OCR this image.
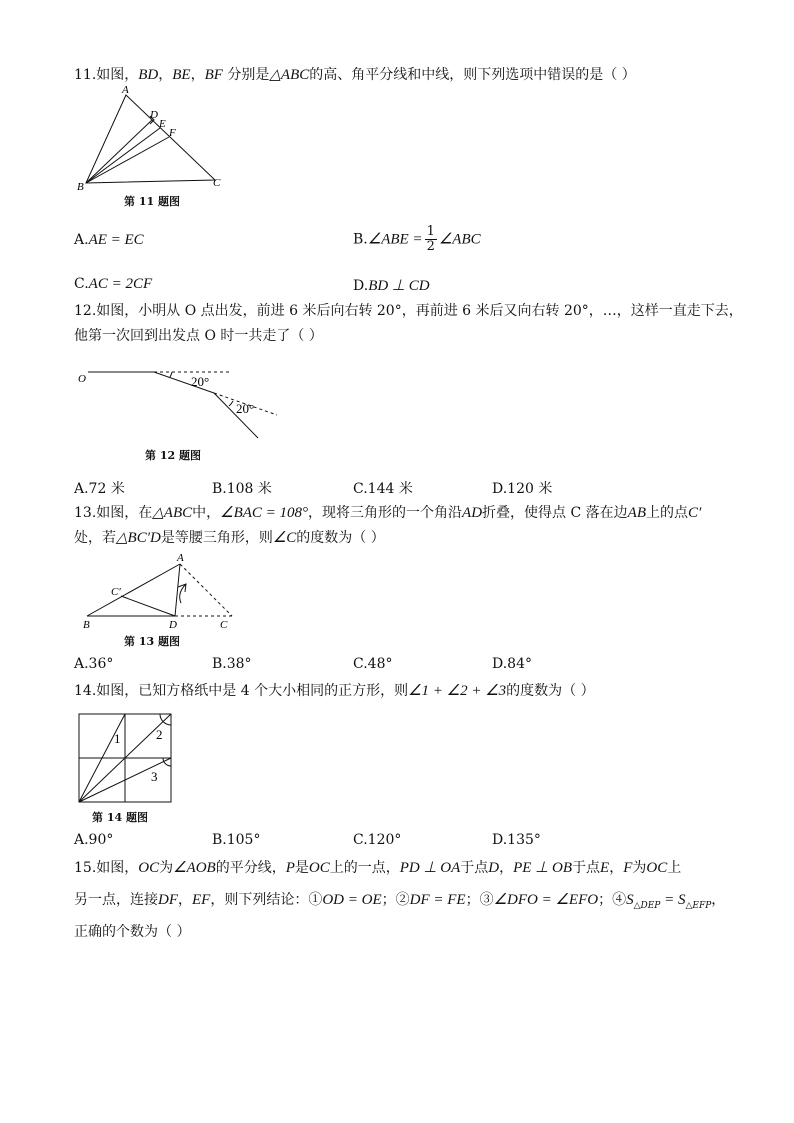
11.如图，BD，BE，BF 分别是△ABC的高、角平分线和中线，则下列选项中错误的是（ ）
A
D
E
F
B	C
第 11 题图
A.AE = EC	B.∠ABE = $\frac{1}{2}$ ∠ABC
C.AC = 2CF	D.BD ⊥ CD
12.如图，小明从 O 点出发，前进 6 米后向右转 20°，再前进 6 米后又向右转 20°，…，这样一直走下去，
他第一次回到出发点 O 时一共走了（ ）
O	20°
20°
第 12 题图
A.72 米	B.108 米	C.144 米	D.120 米
13.如图，在△ABC中，∠BAC = 108°，现将三角形的一个角沿AD折叠，使得点 C 落在边AB上的点C′
处，若△BC′D是等腰三角形，则∠C的度数为（ ）
A
C′
B	D	C
第 13 题图
A.36°	B.38°	C.48°	D.84°
14.如图，已知方格纸中是 4 个大小相同的正方形，则∠1 + ∠2 + ∠3的度数为（ ）
1	2
3
第 14 题图
A.90°	B.105°	C.120°	D.135°
15.如图，OC为∠AOB的平分线，P是OC上的一点，PD ⊥ OA于点D，PE ⊥ OB于点E，F为OC上
另一点，连接DF，EF，则下列结论：①OD = OE；②DF = FE；③∠DFO = ∠EFO；$④S_{\triangle DEP} = S_{\triangle EFP}$，
正确的个数为（ ）
